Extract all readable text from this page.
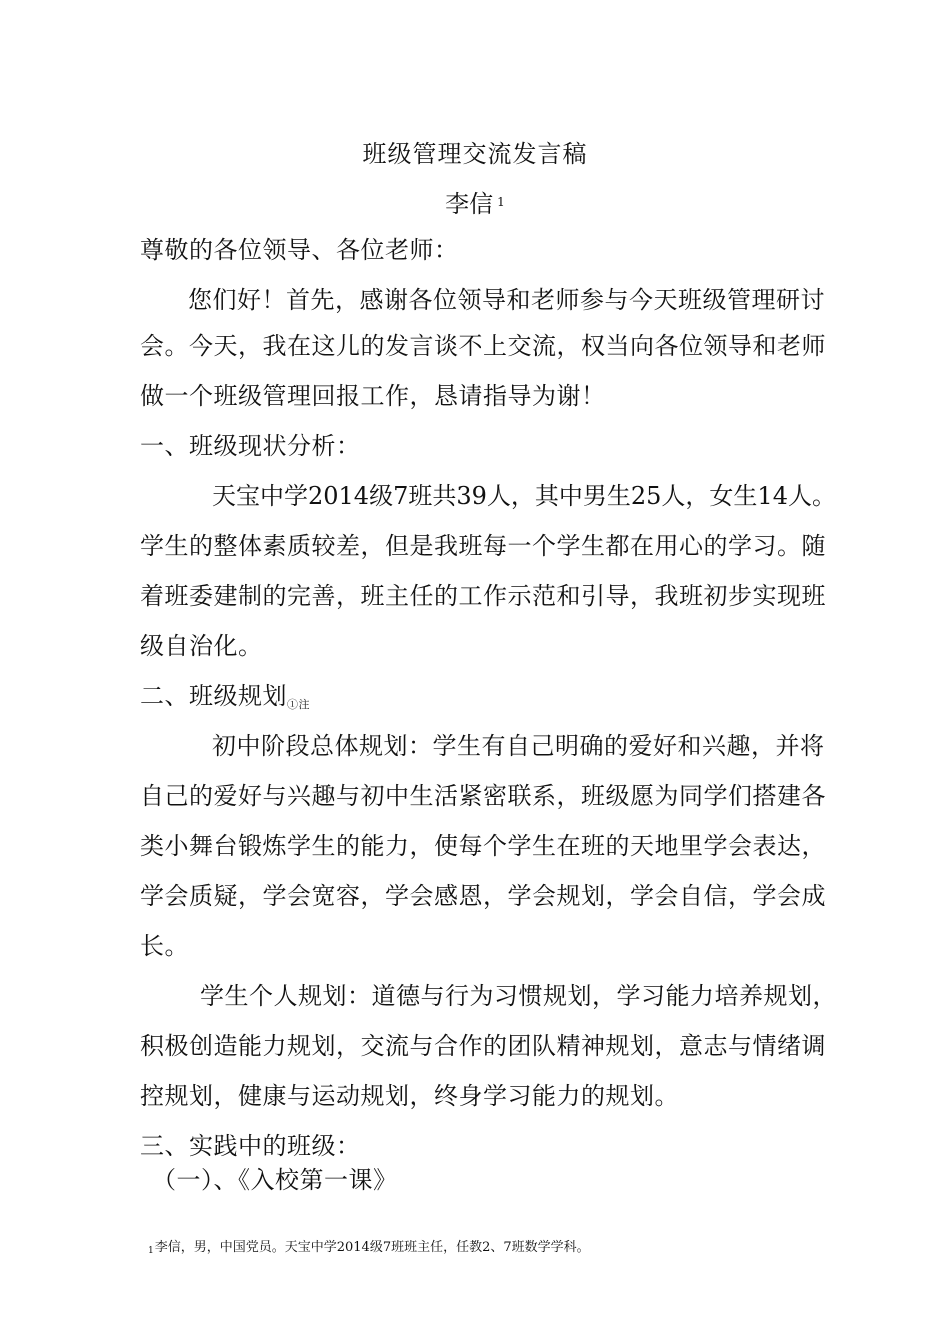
班级管理交流发言稿
李信 $^1$
尊敬的各位领导、各位老师：
您们好！首先，感谢各位领导和老师参与今天班级管理研讨
会。今天，我在这儿的发言谈不上交流，权当向各位领导和老师
做一个班级管理回报工作，恳请指导为谢！
一、班级现状分析：
天宝中学2014级7班共39人，其中男生25人，女生14人。
学生的整体素质较差，但是我班每一个学生都在用心的学习。随
着班委建制的完善，班主任的工作示范和引导，我班初步实现班
级自治化。
二、班级规划①注
初中阶段总体规划：学生有自己明确的爱好和兴趣，并将
自己的爱好与兴趣与初中生活紧密联系，班级愿为同学们搭建各
类小舞台锻炼学生的能力，使每个学生在班的天地里学会表达，
学会质疑，学会宽容，学会感恩，学会规划，学会自信，学会成
长。
学生个人规划：道德与行为习惯规划，学习能力培养规划，
积极创造能力规划，交流与合作的团队精神规划，意志与情绪调
控规划，健康与运动规划，终身学习能力的规划。
三、实践中的班级：
（一）、《入校第一课》
1李信，男，中国党员。天宝中学2014级7班班主任，任教2、7班数学学科。
